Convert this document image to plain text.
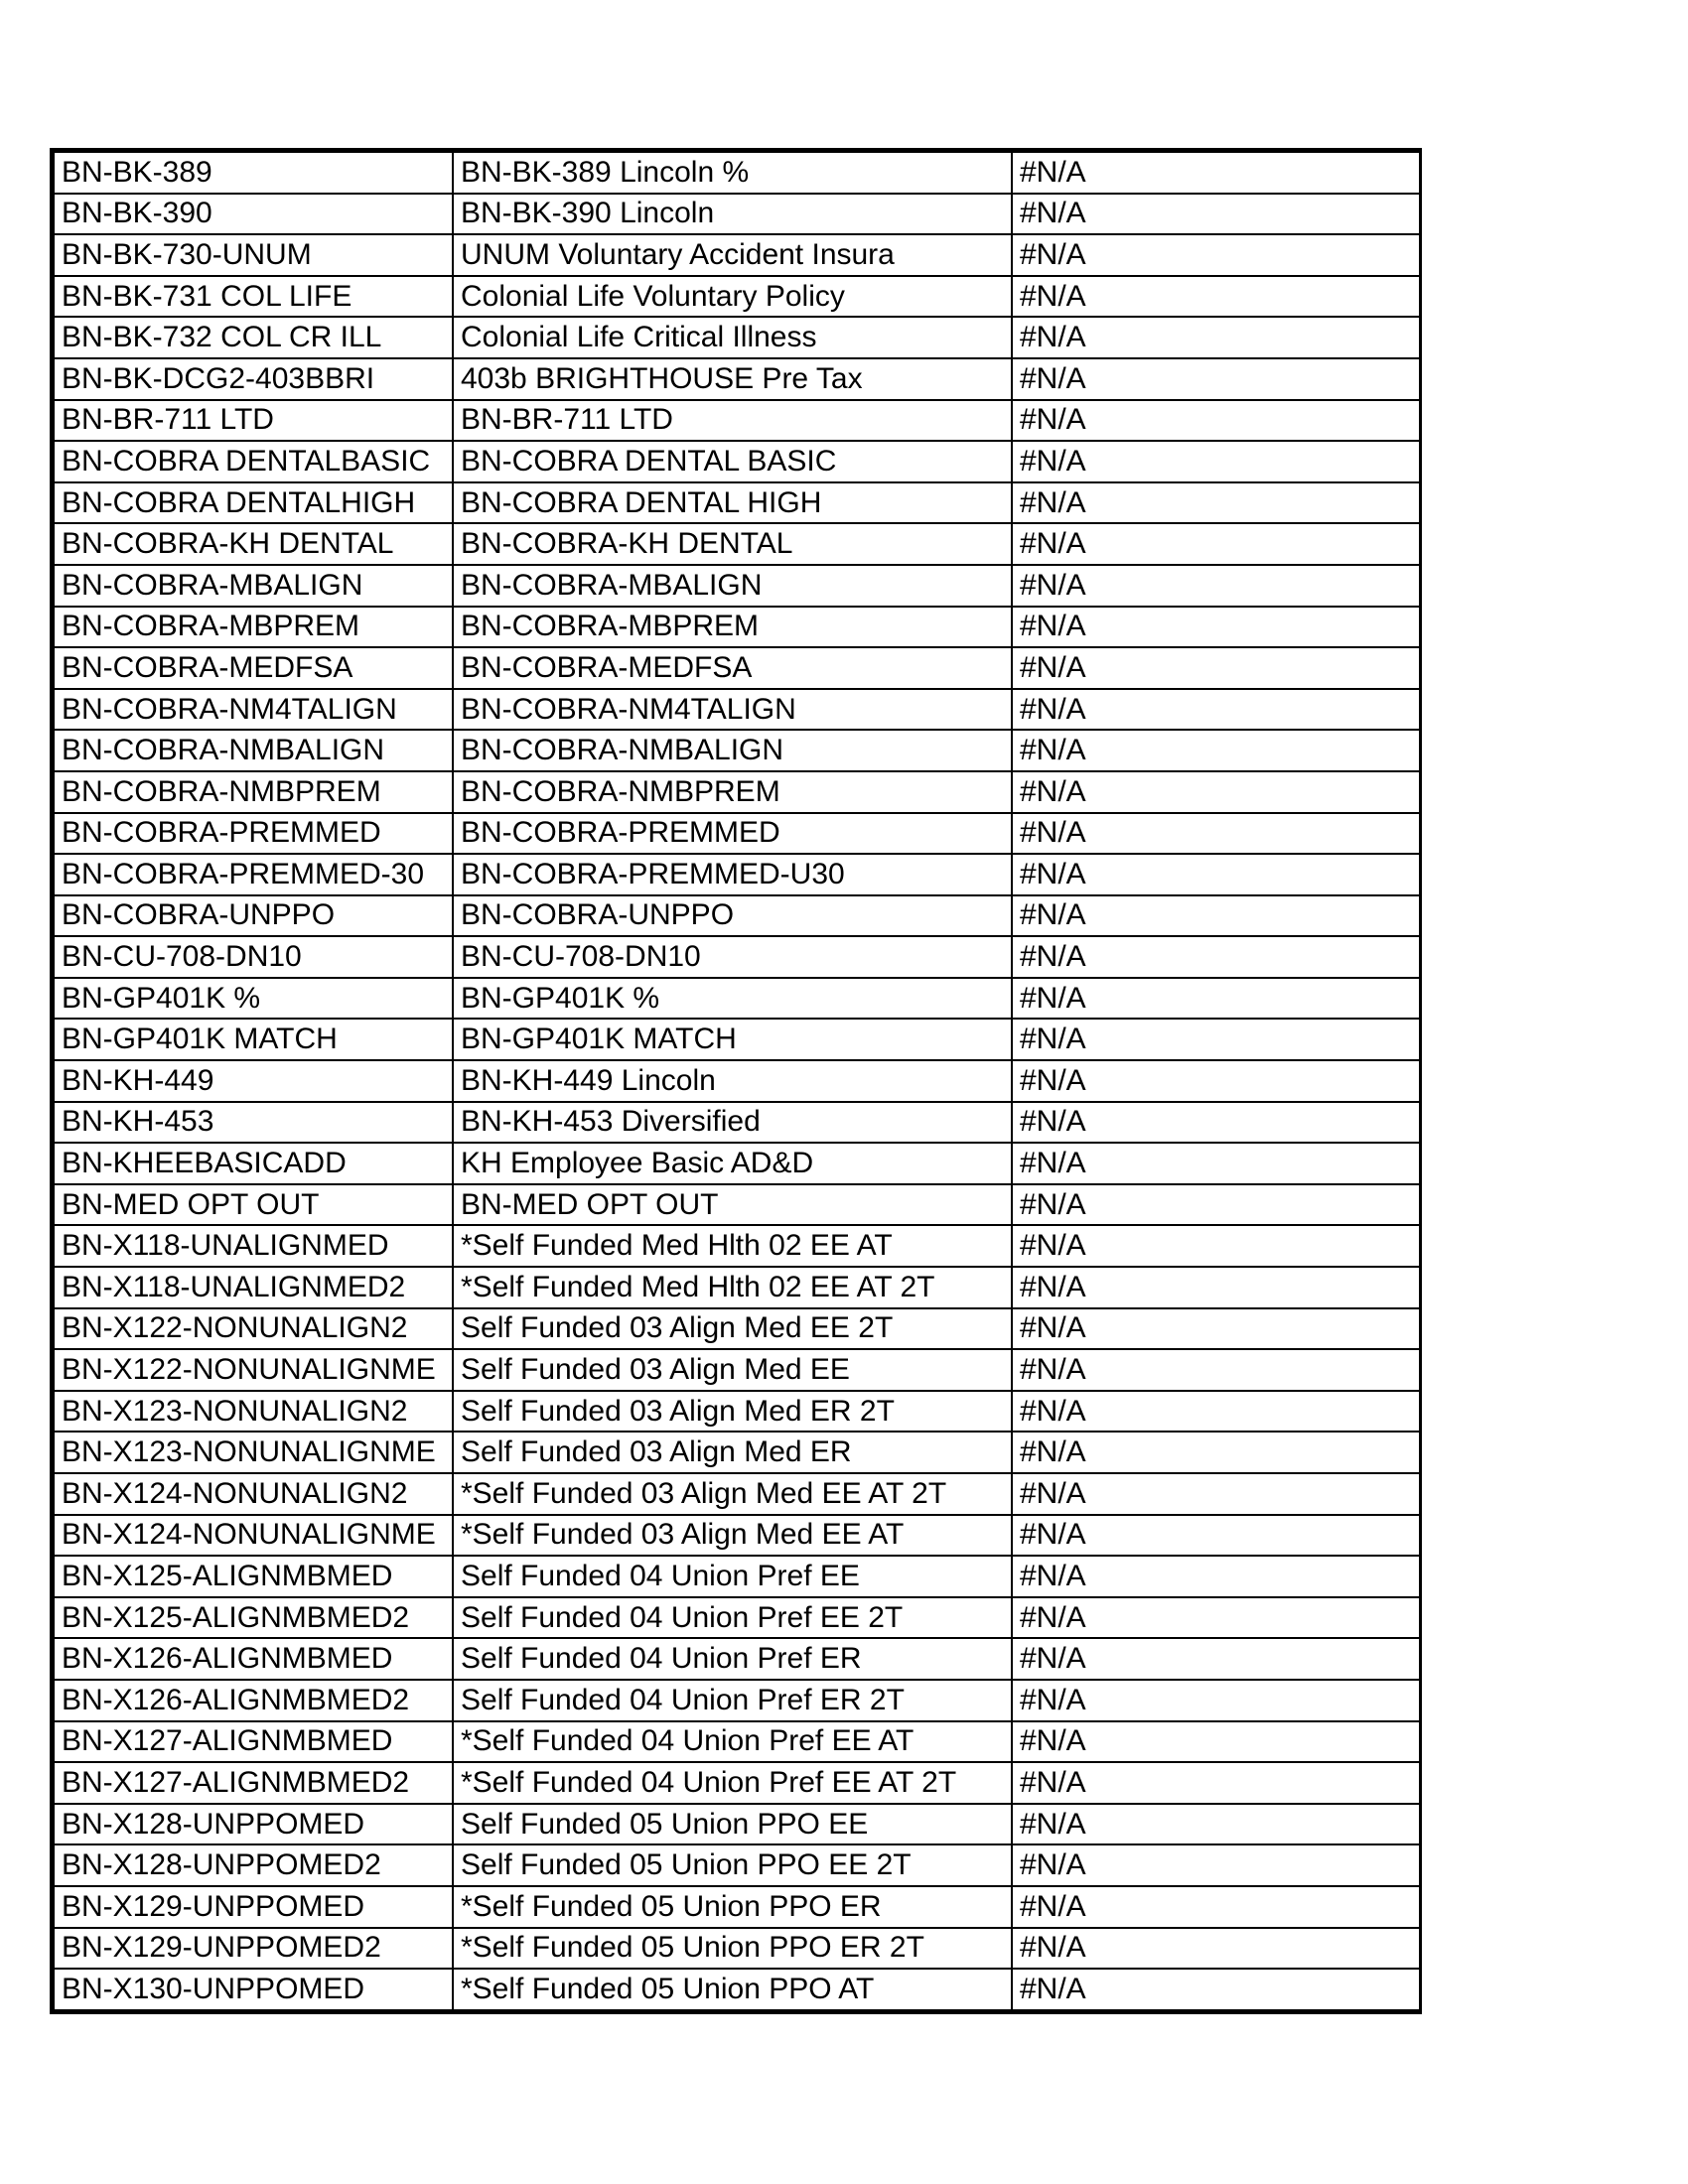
BN-BK-389	BN-BK-389 Lincoln %	#N/A
BN-BK-390	BN-BK-390 Lincoln	#N/A
BN-BK-730-UNUM	UNUM Voluntary Accident Insura	#N/A
BN-BK-731 COL LIFE	Colonial Life Voluntary Policy	#N/A
BN-BK-732 COL CR ILL	Colonial Life Critical Illness	#N/A
BN-BK-DCG2-403BBRI	403b BRIGHTHOUSE Pre Tax	#N/A
BN-BR-711 LTD	BN-BR-711 LTD	#N/A
BN-COBRA DENTALBASIC	BN-COBRA DENTAL BASIC	#N/A
BN-COBRA DENTALHIGH	BN-COBRA DENTAL HIGH	#N/A
BN-COBRA-KH DENTAL	BN-COBRA-KH DENTAL	#N/A
BN-COBRA-MBALIGN	BN-COBRA-MBALIGN	#N/A
BN-COBRA-MBPREM	BN-COBRA-MBPREM	#N/A
BN-COBRA-MEDFSA	BN-COBRA-MEDFSA	#N/A
BN-COBRA-NM4TALIGN	BN-COBRA-NM4TALIGN	#N/A
BN-COBRA-NMBALIGN	BN-COBRA-NMBALIGN	#N/A
BN-COBRA-NMBPREM	BN-COBRA-NMBPREM	#N/A
BN-COBRA-PREMMED	BN-COBRA-PREMMED	#N/A
BN-COBRA-PREMMED-30	BN-COBRA-PREMMED-U30	#N/A
BN-COBRA-UNPPO	BN-COBRA-UNPPO	#N/A
BN-CU-708-DN10	BN-CU-708-DN10	#N/A
BN-GP401K %	BN-GP401K %	#N/A
BN-GP401K MATCH	BN-GP401K MATCH	#N/A
BN-KH-449	BN-KH-449 Lincoln	#N/A
BN-KH-453	BN-KH-453 Diversified	#N/A
BN-KHEEBASICADD	KH Employee Basic AD&D	#N/A
BN-MED OPT OUT	BN-MED OPT OUT	#N/A
BN-X118-UNALIGNMED	*Self Funded Med Hlth 02 EE AT	#N/A
BN-X118-UNALIGNMED2	*Self Funded Med Hlth 02 EE AT 2T	#N/A
BN-X122-NONUNALIGN2	Self Funded 03 Align Med EE 2T	#N/A
BN-X122-NONUNALIGNME	Self Funded 03 Align Med EE	#N/A
BN-X123-NONUNALIGN2	Self Funded 03 Align Med ER 2T	#N/A
BN-X123-NONUNALIGNME	Self Funded 03 Align Med ER	#N/A
BN-X124-NONUNALIGN2	*Self Funded 03 Align Med EE AT 2T	#N/A
BN-X124-NONUNALIGNME	*Self Funded 03 Align Med EE AT	#N/A
BN-X125-ALIGNMBMED	Self Funded 04 Union Pref EE	#N/A
BN-X125-ALIGNMBMED2	Self Funded 04 Union Pref EE 2T	#N/A
BN-X126-ALIGNMBMED	Self Funded 04 Union Pref ER	#N/A
BN-X126-ALIGNMBMED2	Self Funded 04 Union Pref ER 2T	#N/A
BN-X127-ALIGNMBMED	*Self Funded 04 Union Pref EE AT	#N/A
BN-X127-ALIGNMBMED2	*Self Funded 04 Union Pref EE AT 2T	#N/A
BN-X128-UNPPOMED	Self Funded 05 Union PPO EE	#N/A
BN-X128-UNPPOMED2	Self Funded 05 Union PPO EE 2T	#N/A
BN-X129-UNPPOMED	*Self Funded 05 Union PPO ER	#N/A
BN-X129-UNPPOMED2	*Self Funded 05 Union PPO ER 2T	#N/A
BN-X130-UNPPOMED	*Self Funded 05 Union PPO AT	#N/A
